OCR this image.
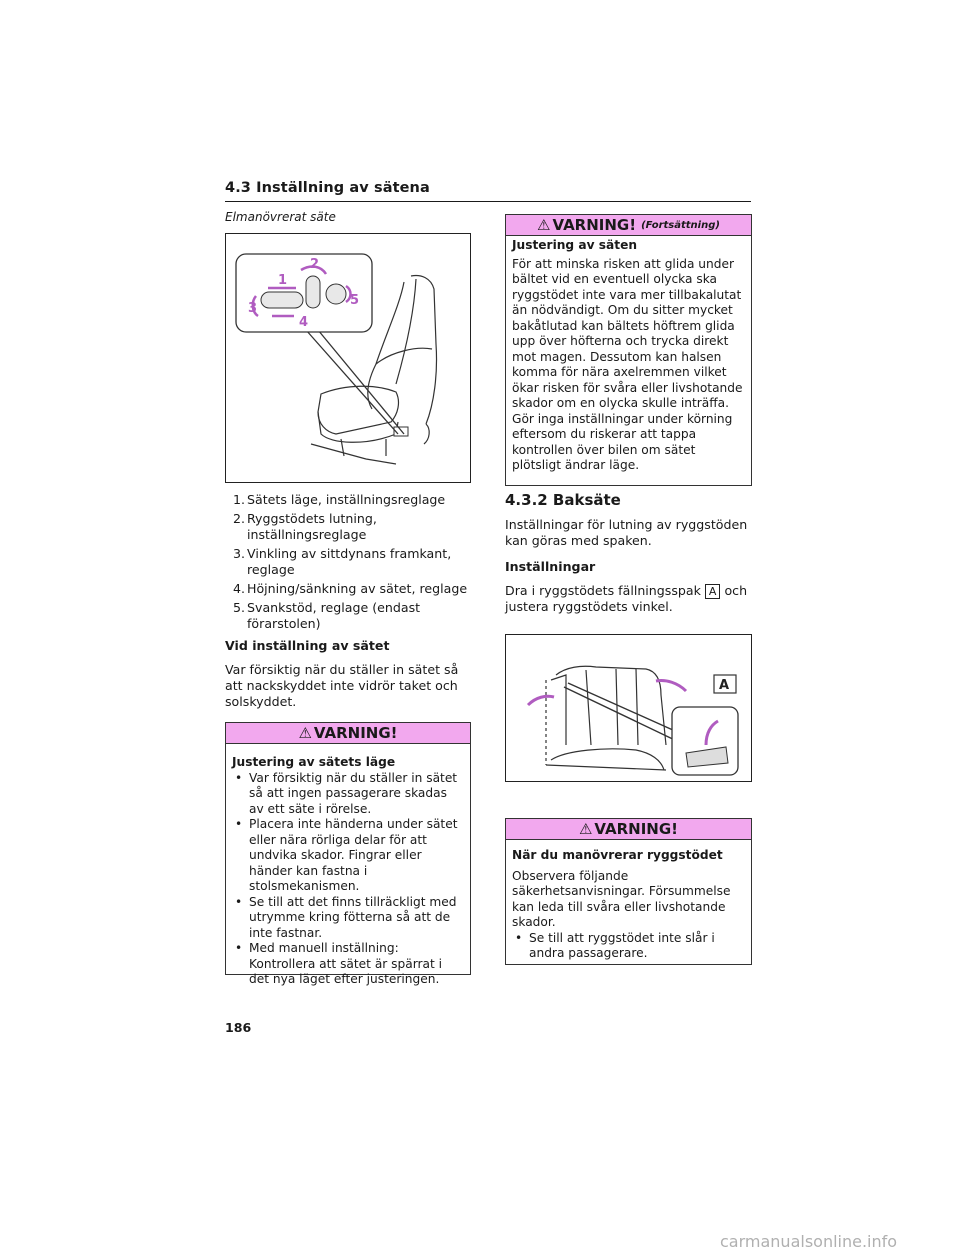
4.3 Inställning av sätena
Elmanövrerat säte
1
2
3
4
5
1. Sätets läge, inställningsreglage
2. Ryggstödets lutning, inställningsreglage
3. Vinkling av sittdynans framkant, reglage
4. Höjning/sänkning av sätet, reglage
5. Svankstöd, reglage (endast förarstolen)
Vid inställning av sätet
Var försiktig när du ställer in sätet så att nackskyddet inte vidrör taket och solskyddet.
⚠ VARNING!
Justering av sätets läge
• Var försiktig när du ställer in sätet så att ingen passagerare skadas av ett säte i rörelse.
• Placera inte händerna under sätet eller nära rörliga delar för att undvika skador. Fingrar eller händer kan fastna i stolsmekanismen.
• Se till att det finns tillräckligt med utrymme kring fötterna så att de inte fastnar.
• Med manuell inställning: Kontrollera att sätet är spärrat i det nya läget efter justeringen.
⚠ VARNING! (Fortsättning)
Justering av säten
För att minska risken att glida under bältet vid en eventuell olycka ska ryggstödet inte vara mer tillbakalutat än nödvändigt. Om du sitter mycket bakåtlutad kan bältets höftrem glida upp över höfterna och trycka direkt mot magen. Dessutom kan halsen komma för nära axelremmen vilket ökar risken för svåra eller livshotande skador om en olycka skulle inträffa. Gör inga inställningar under körning eftersom du riskerar att tappa kontrollen över bilen om sätet plötsligt ändrar läge.
4.3.2 Baksäte
Inställningar för lutning av ryggstöden kan göras med spaken.
Inställningar
Dra i ryggstödets fällningsspak A och justera ryggstödets vinkel.
A
⚠ VARNING!
När du manövrerar ryggstödet
Observera följande säkerhetsanvisningar. Försummelse kan leda till svåra eller livshotande skador.
• Se till att ryggstödet inte slår i andra passagerare.
186
carmanualsonline.info
